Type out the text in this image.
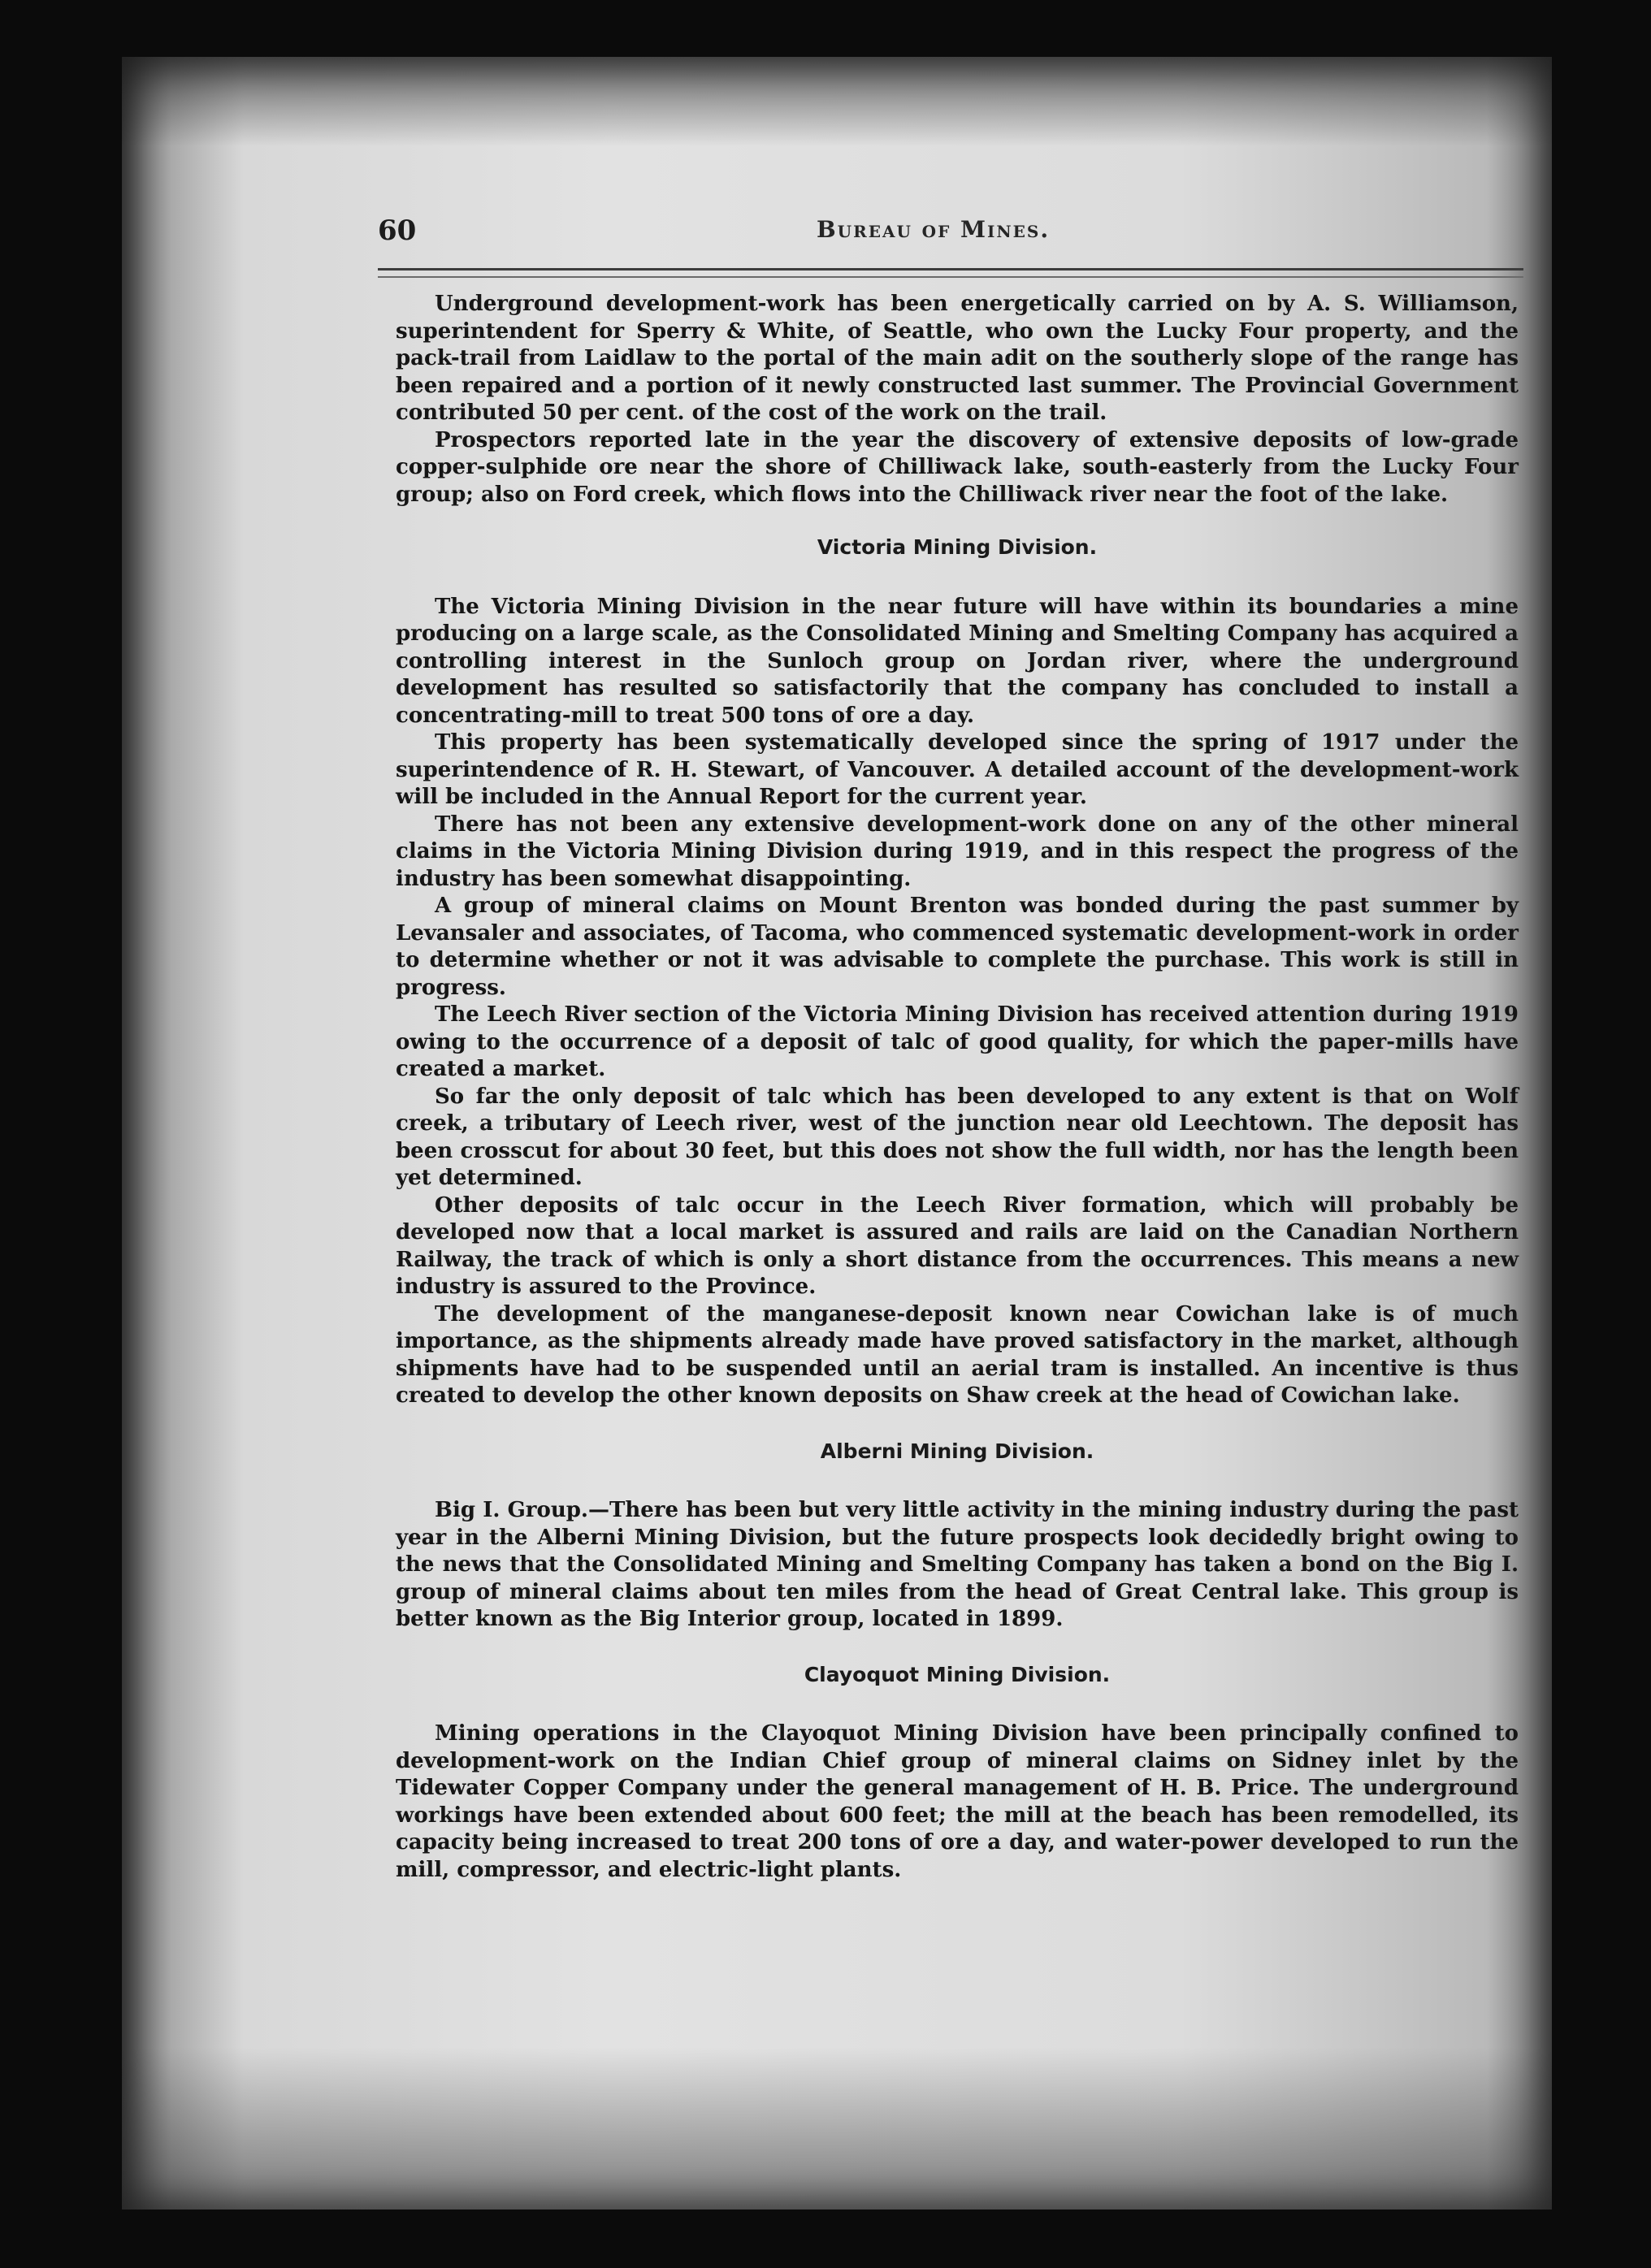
60	Bureau of Mines.

Underground development-work has been energetically carried on by A. S. Williamson, superintendent for Sperry & White, of Seattle, who own the Lucky Four property, and the pack-trail from Laidlaw to the portal of the main adit on the southerly slope of the range has been repaired and a portion of it newly constructed last summer. The Provincial Government contributed 50 per cent. of the cost of the work on the trail.

Prospectors reported late in the year the discovery of extensive deposits of low-grade copper-sulphide ore near the shore of Chilliwack lake, south-easterly from the Lucky Four group; also on Ford creek, which flows into the Chilliwack river near the foot of the lake.

Victoria Mining Division.

The Victoria Mining Division in the near future will have within its boundaries a mine producing on a large scale, as the Consolidated Mining and Smelting Company has acquired a controlling interest in the Sunloch group on Jordan river, where the underground development has resulted so satisfactorily that the company has concluded to install a concentrating-mill to treat 500 tons of ore a day.

This property has been systematically developed since the spring of 1917 under the superintendence of R. H. Stewart, of Vancouver. A detailed account of the development-work will be included in the Annual Report for the current year.

There has not been any extensive development-work done on any of the other mineral claims in the Victoria Mining Division during 1919, and in this respect the progress of the industry has been somewhat disappointing.

A group of mineral claims on Mount Brenton was bonded during the past summer by Levansaler and associates, of Tacoma, who commenced systematic development-work in order to determine whether or not it was advisable to complete the purchase. This work is still in progress.

The Leech River section of the Victoria Mining Division has received attention during 1919 owing to the occurrence of a deposit of talc of good quality, for which the paper-mills have created a market.

So far the only deposit of talc which has been developed to any extent is that on Wolf creek, a tributary of Leech river, west of the junction near old Leechtown. The deposit has been crosscut for about 30 feet, but this does not show the full width, nor has the length been yet determined.

Other deposits of talc occur in the Leech River formation, which will probably be developed now that a local market is assured and rails are laid on the Canadian Northern Railway, the track of which is only a short distance from the occurrences. This means a new industry is assured to the Province.

The development of the manganese-deposit known near Cowichan lake is of much importance, as the shipments already made have proved satisfactory in the market, although shipments have had to be suspended until an aerial tram is installed. An incentive is thus created to develop the other known deposits on Shaw creek at the head of Cowichan lake.

Alberni Mining Division.

Big I. Group.—There has been but very little activity in the mining industry during the past year in the Alberni Mining Division, but the future prospects look decidedly bright owing to the news that the Consolidated Mining and Smelting Company has taken a bond on the Big I. group of mineral claims about ten miles from the head of Great Central lake. This group is better known as the Big Interior group, located in 1899.

Clayoquot Mining Division.

Mining operations in the Clayoquot Mining Division have been principally confined to development-work on the Indian Chief group of mineral claims on Sidney inlet by the Tidewater Copper Company under the general management of H. B. Price. The underground workings have been extended about 600 feet; the mill at the beach has been remodelled, its capacity being increased to treat 200 tons of ore a day, and water-power developed to run the mill, compressor, and electric-light plants.
